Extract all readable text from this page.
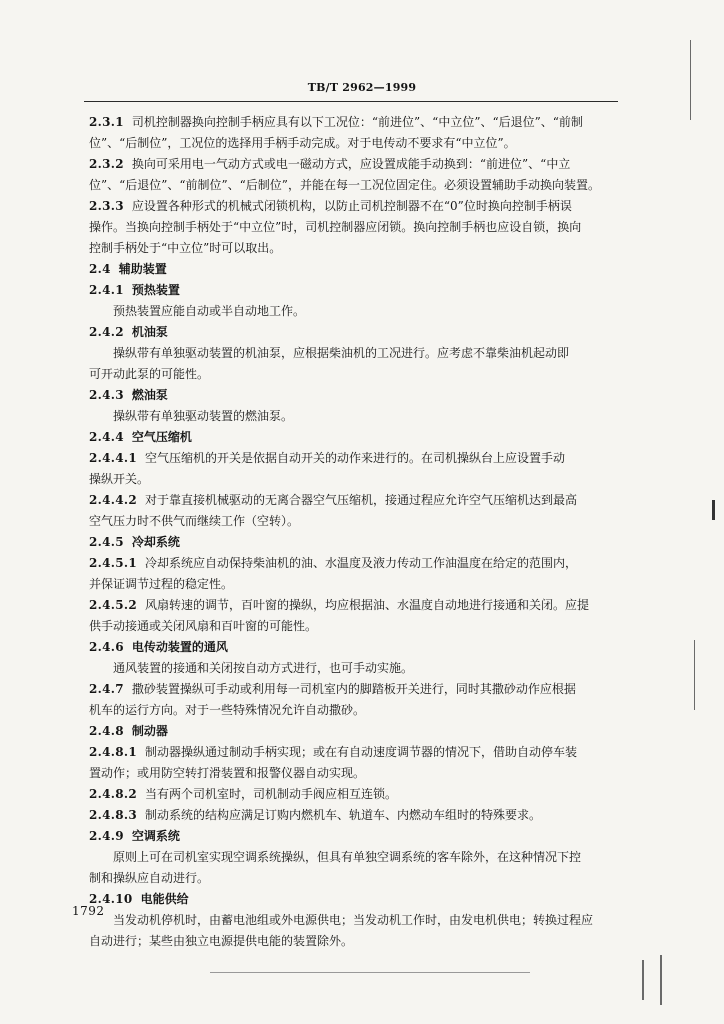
TB/T 2962—1999
2.3.1 司机控制器换向控制手柄应具有以下工况位：“前进位”、“中立位”、“后退位”、“前制
位”、“后制位”，工况位的选择用手柄手动完成。对于电传动不要求有“中立位”。
2.3.2 换向可采用电一气动方式或电一磁动方式，应设置成能手动换到：“前进位”、“中立
位”、“后退位”、“前制位”、“后制位”，并能在每一工况位固定住。必须设置辅助手动换向装置。
2.3.3 应设置各种形式的机械式闭锁机构，以防止司机控制器不在“0”位时换向控制手柄误
操作。当换向控制手柄处于“中立位”时，司机控制器应闭锁。换向控制手柄也应设自锁，换向
控制手柄处于“中立位”时可以取出。
2.4 辅助装置
2.4.1 预热装置
预热装置应能自动或半自动地工作。
2.4.2 机油泵
操纵带有单独驱动装置的机油泵，应根据柴油机的工况进行。应考虑不靠柴油机起动即
可开动此泵的可能性。
2.4.3 燃油泵
操纵带有单独驱动装置的燃油泵。
2.4.4 空气压缩机
2.4.4.1 空气压缩机的开关是依据自动开关的动作来进行的。在司机操纵台上应设置手动
操纵开关。
2.4.4.2 对于靠直接机械驱动的无离合器空气压缩机，接通过程应允许空气压缩机达到最高
空气压力时不供气而继续工作（空转）。
2.4.5 冷却系统
2.4.5.1 冷却系统应自动保持柴油机的油、水温度及液力传动工作油温度在给定的范围内，
并保证调节过程的稳定性。
2.4.5.2 风扇转速的调节，百叶窗的操纵，均应根据油、水温度自动地进行接通和关闭。应提
供手动接通或关闭风扇和百叶窗的可能性。
2.4.6 电传动装置的通风
通风装置的接通和关闭按自动方式进行，也可手动实施。
2.4.7 撒砂装置操纵可手动或利用每一司机室内的脚踏板开关进行，同时其撒砂动作应根据
机车的运行方向。对于一些特殊情况允许自动撒砂。
2.4.8 制动器
2.4.8.1 制动器操纵通过制动手柄实现；或在有自动速度调节器的情况下，借助自动停车装
置动作；或用防空转打滑装置和报警仪器自动实现。
2.4.8.2 当有两个司机室时，司机制动手阀应相互连锁。
2.4.8.3 制动系统的结构应满足订购内燃机车、轨道车、内燃动车组时的特殊要求。
2.4.9 空调系统
原则上可在司机室实现空调系统操纵，但具有单独空调系统的客车除外，在这种情况下控
制和操纵应自动进行。
2.4.10 电能供给
当发动机停机时，由蓄电池组或外电源供电；当发动机工作时，由发电机供电；转换过程应
自动进行；某些由独立电源提供电能的装置除外。
1792
